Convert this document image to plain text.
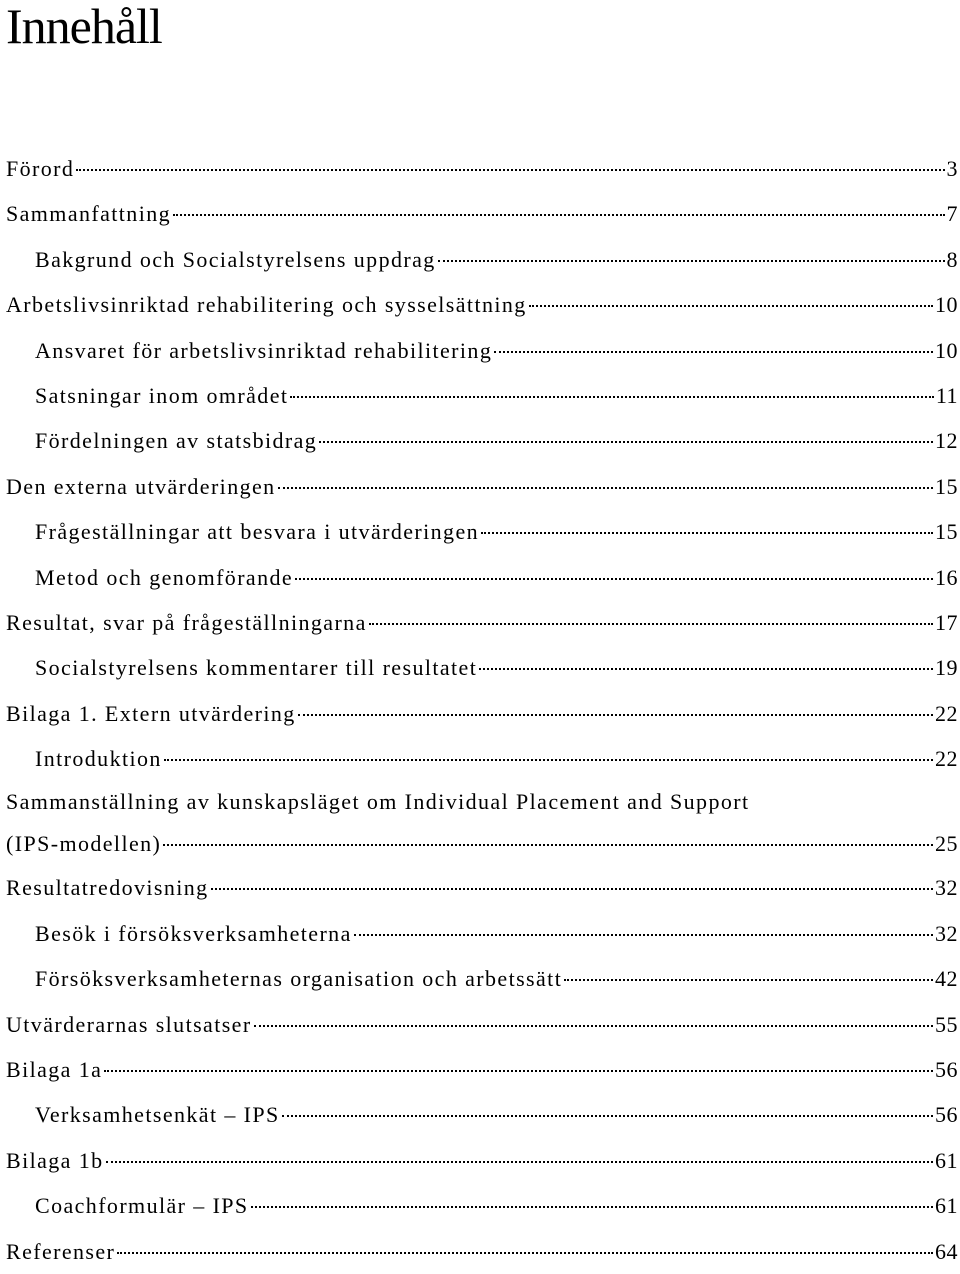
Innehåll
Förord	3
Sammanfattning	7
Bakgrund och Socialstyrelsens uppdrag	8
Arbetslivsinriktad rehabilitering och sysselsättning	10
Ansvaret för arbetslivsinriktad rehabilitering	10
Satsningar inom området	11
Fördelningen av statsbidrag	12
Den externa utvärderingen	15
Frågeställningar att besvara i utvärderingen	15
Metod och genomförande	16
Resultat, svar på frågeställningarna	17
Socialstyrelsens kommentarer till resultatet	19
Bilaga 1. Extern utvärdering	22
Introduktion	22
Sammanställning av kunskapsläget om Individual Placement and Support
(IPS-modellen)	25
Resultatredovisning	32
Besök i försöksverksamheterna	32
Försöksverksamheternas organisation och arbetssätt	42
Utvärderarnas slutsatser	55
Bilaga 1a	56
Verksamhetsenkät – IPS	56
Bilaga 1b	61
Coachformulär – IPS	61
Referenser	64
